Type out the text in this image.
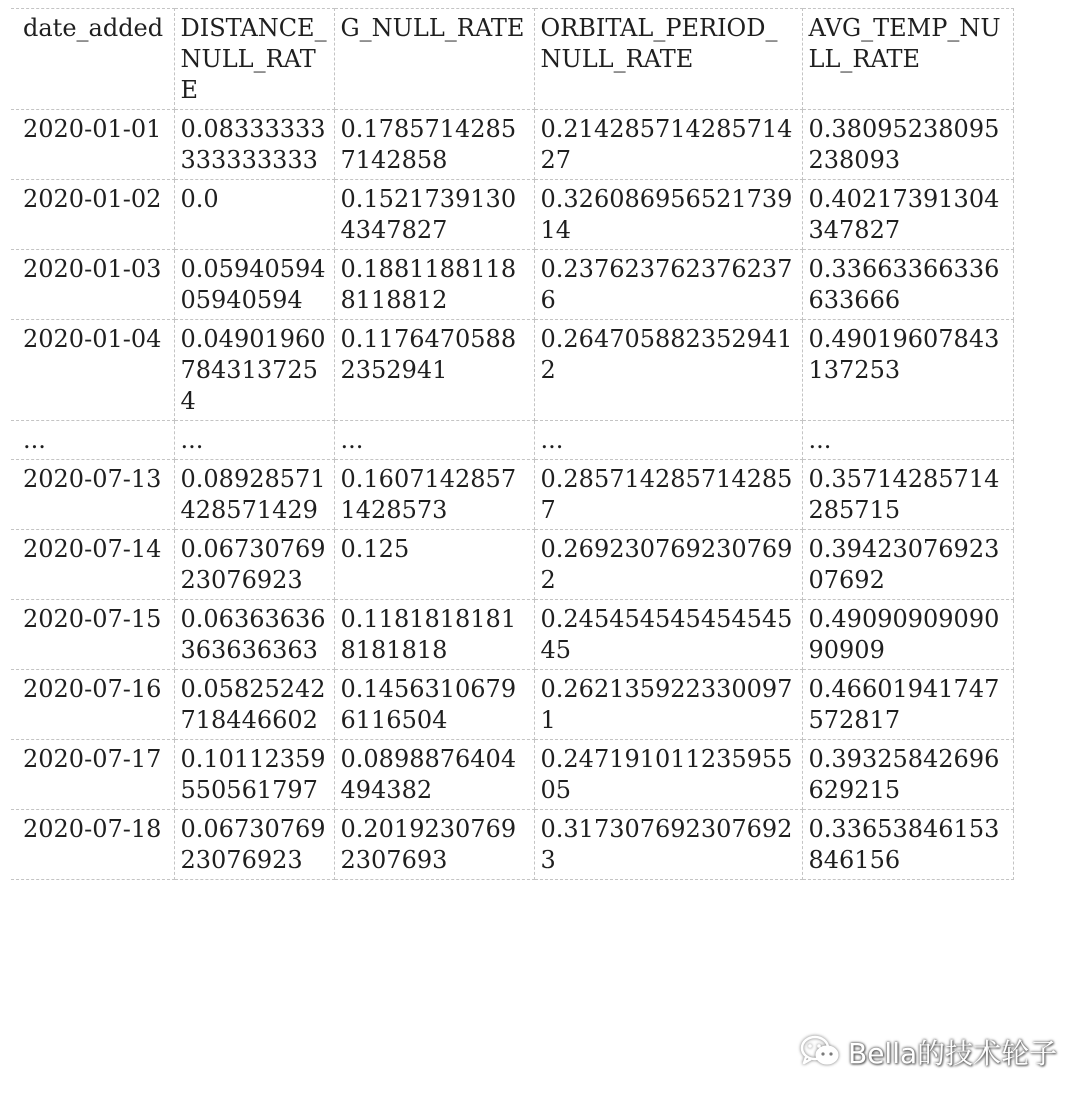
date_added	DISTANCE_NULL_RATE	G_NULL_RATE	ORBITAL_PERIOD_NULL_RATE	AVG_TEMP_NULL_RATE
2020-01-01	0.08333333333333333	0.17857142857142858	0.21428571428571427	0.38095238095238093
2020-01-02	0.0	0.15217391304347827	0.32608695652173914	0.40217391304347827
2020-01-03	0.0594059405940594	0.18811881188118812	0.2376237623762376	0.33663366336633666
2020-01-04	0.049019607843137254	0.11764705882352941	0.2647058823529412	0.49019607843137253
...	...	...	...	...
2020-07-13	0.08928571428571429	0.16071428571428573	0.2857142857142857	0.35714285714285715
2020-07-14	0.0673076923076923	0.125	0.2692307692307692	0.3942307692307692
2020-07-15	0.06363636363636363	0.11818181818181818	0.24545454545454545	0.4909090909090909
2020-07-16	0.05825242718446602	0.14563106796116504	0.2621359223300971	0.46601941747572817
2020-07-17	0.10112359550561797	0.0898876404494382	0.24719101123595505	0.39325842696629215
2020-07-18	0.0673076923076923	0.20192307692307693	0.3173076923076923	0.33653846153846156
Bella的技术轮子
